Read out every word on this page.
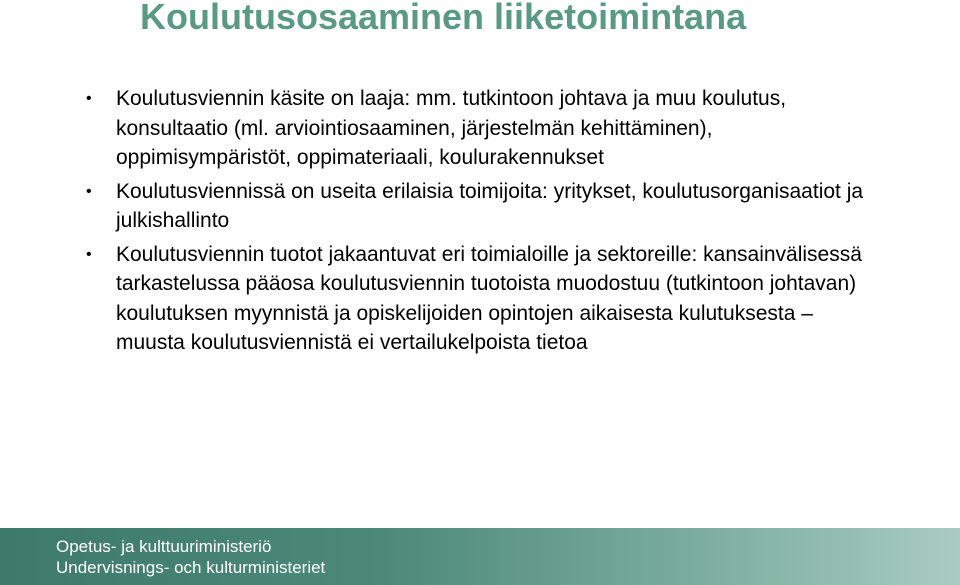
Koulutusosaaminen liiketoimintana
• Koulutusviennin käsite on laaja: mm. tutkintoon johtava ja muu koulutus, konsultaatio (ml. arviointiosaaminen, järjestelmän kehittäminen), oppimisympäristöt, oppimateriaali, koulurakennukset
• Koulutusviennissä on useita erilaisia toimijoita: yritykset, koulutusorganisaatiot ja julkishallinto
• Koulutusviennin tuotot jakaantuvat eri toimialoille ja sektoreille: kansainvälisessä tarkastelussa pääosa koulutusviennin tuotoista muodostuu (tutkintoon johtavan) koulutuksen myynnistä ja opiskelijoiden opintojen aikaisesta kulutuksesta – muusta koulutusviennistä ei vertailukelpoista tietoa
Opetus- ja kulttuuriministeriö
Undervisnings- och kulturministeriet
